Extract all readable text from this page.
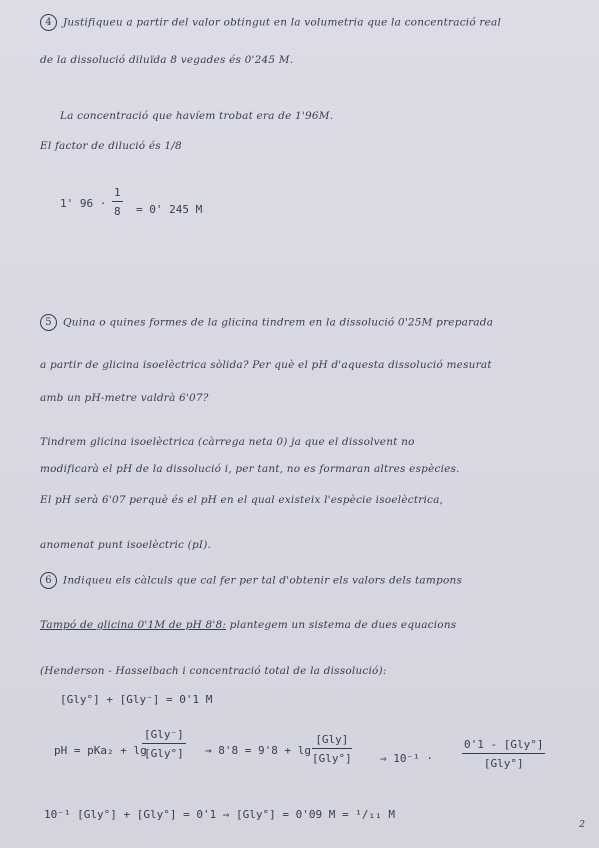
4 Justifiqueu a partir del valor obtingut en la volumetria que la concentració real
de la dissolució diluïda 8 vegades és 0'245 M.
La concentració que havíem trobat era de 1'96M.
El factor de dilució és 1/8
1' $96 \cdot \frac{1}{8} = 0'$ 245 M
5 Quina o quines formes de la glicina tindrem en la dissolució 0'25M preparada
a partir de glicina isoelèctrica sòlida? Per què el pH d'aquesta dissolució mesurat
amb un pH-metre valdrà 6'07?
Tindrem glicina isoelèctrica (càrrega neta 0) ja que el dissolvent no
modificarà el pH de la dissolució i, per tant, no es formaran altres espècies.
El pH serà 6'07 perquè és el pH en el qual existeix l'espècie isoelèctrica,
anomenat punt isoelèctric (pI).
6 Indiqueu els càlculs que cal fer per tal d'obtenir els valors dels tampons
Tampó de glicina 0'1M de pH 8'8: plantegem un sistema de dues equacions
(Henderson - Hasselbach i concentració total de la dissolució):
[Gly°] + [Gly⁻] = 0'1 M
pH = pKa₂ + lg
[Gly⁻]
[Gly°] → 8'8 = 9'8 + lg
[Gly]
[Gly°]	⇒ 10⁻¹ ·
0'1 - [Gly°]
[Gly°]
10⁻¹ [Gly°] + [Gly°] = 0'1 ⇒ [Gly°] = 0'09 M = ¹/₁₁ M
2
